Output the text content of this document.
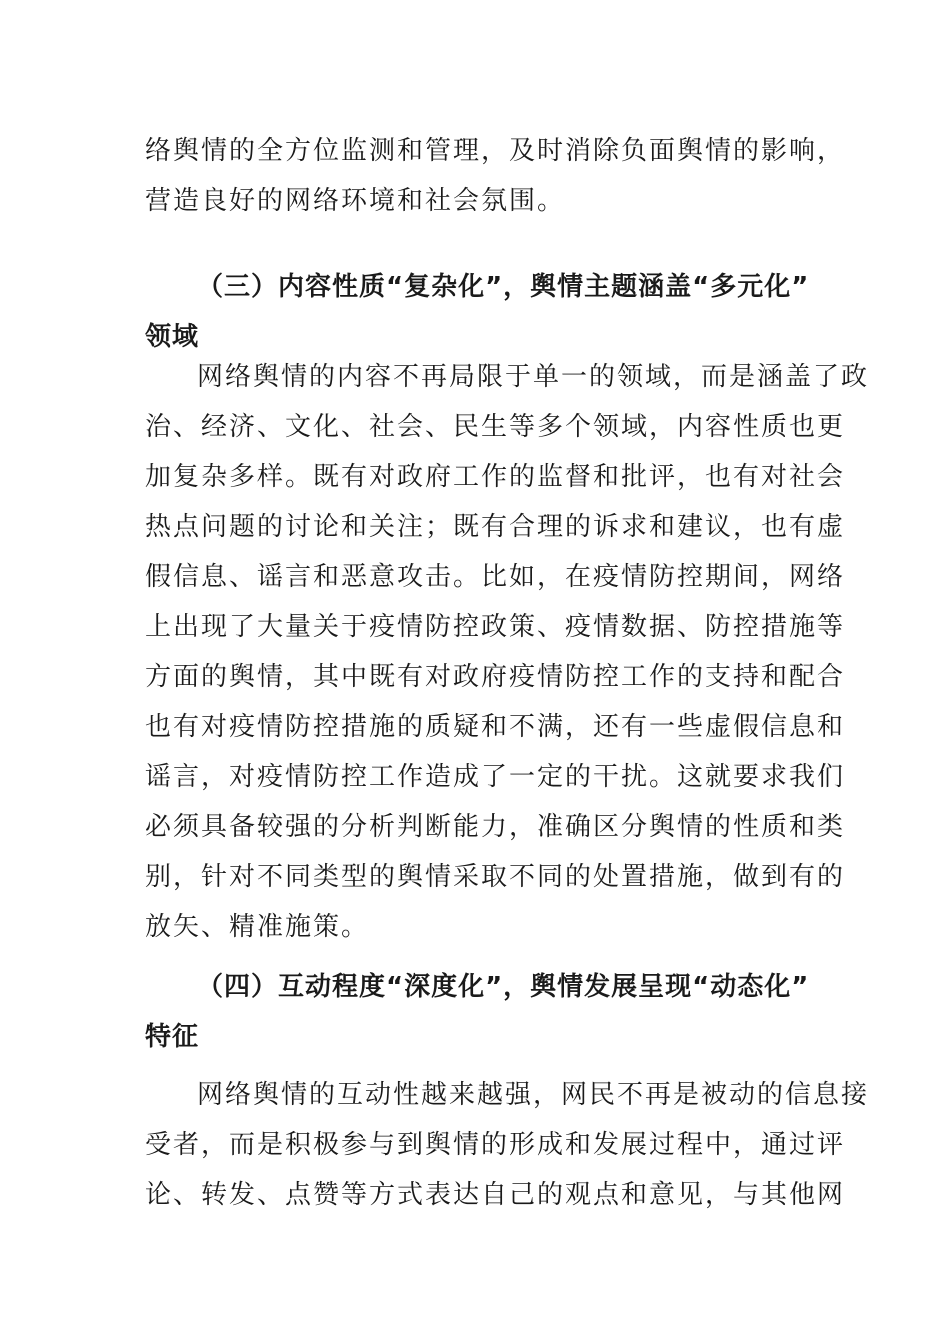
络舆情的全方位监测和管理，及时消除负面舆情的影响，
营造良好的网络环境和社会氛围。
（三）内容性质“复杂化”，舆情主题涵盖“多元化”
领域
网络舆情的内容不再局限于单一的领域，而是涵盖了政
治、经济、文化、社会、民生等多个领域，内容性质也更
加复杂多样。既有对政府工作的监督和批评，也有对社会
热点问题的讨论和关注；既有合理的诉求和建议，也有虚
假信息、谣言和恶意攻击。比如，在疫情防控期间，网络
上出现了大量关于疫情防控政策、疫情数据、防控措施等
方面的舆情，其中既有对政府疫情防控工作的支持和配合
也有对疫情防控措施的质疑和不满，还有一些虚假信息和
谣言，对疫情防控工作造成了一定的干扰。这就要求我们
必须具备较强的分析判断能力，准确区分舆情的性质和类
别，针对不同类型的舆情采取不同的处置措施，做到有的
放矢、精准施策。
（四）互动程度“深度化”，舆情发展呈现“动态化”
特征
网络舆情的互动性越来越强，网民不再是被动的信息接
受者，而是积极参与到舆情的形成和发展过程中，通过评
论、转发、点赞等方式表达自己的观点和意见，与其他网
